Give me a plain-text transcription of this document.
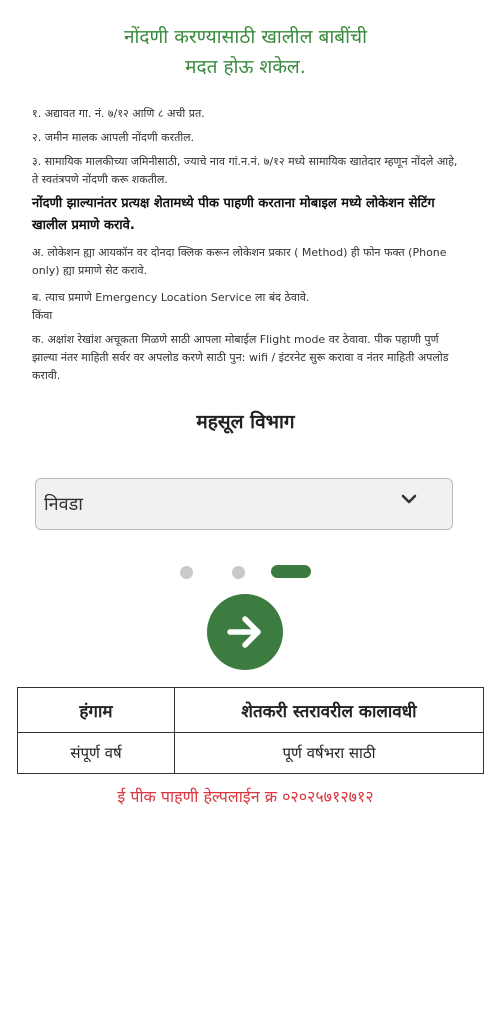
नोंदणी करण्यासाठी खालील बाबींची
मदत होऊ शकेल.
१. अद्यावत गा. नं. ७/१२ आणि ८ अची प्रत.
२. जमीन मालक आपली नोंदणी करतील.
३. सामायिक मालकीच्या जमिनीसाठी, ज्याचे नाव गां.न.नं. ७/१२ मध्ये सामायिक खातेदार म्हणून नोंदले आहे, ते स्वतंत्रपणे नोंदणी करू शकतील.
नोंदणी झाल्यानंतर प्रत्यक्ष शेतामध्ये पीक पाहणी करताना मोबाइल मध्ये लोकेशन सेटिंग खालील प्रमाणे करावे.
अ. लोकेशन ह्या आयकॉन वर दोनदा क्लिक करून लोकेशन प्रकार ( Method) ही फोन फक्त (Phone only) ह्या प्रमाणे सेट करावे.
ब. त्याच प्रमाणे Emergency Location Service ला बंद ठेवावे.
किंवा
क. अक्षांश रेखांश अचूकता मिळणे साठी आपला मोबाईल Flight mode वर ठेवावा. पीक पहाणी पुर्ण झाल्या नंतर माहिती सर्वर वर अपलोड करणे साठी पुन: wifi / इंटरनेट सुरू करावा व नंतर माहिती अपलोड करावी.
महसूल विभाग
निवडा
हंगाम	शेतकरी स्तरावरील कालावधी
संपूर्ण वर्ष	पूर्ण वर्षभरा साठी
ई पीक पाहणी हेल्पलाईन क्र ०२०२५७१२७१२
